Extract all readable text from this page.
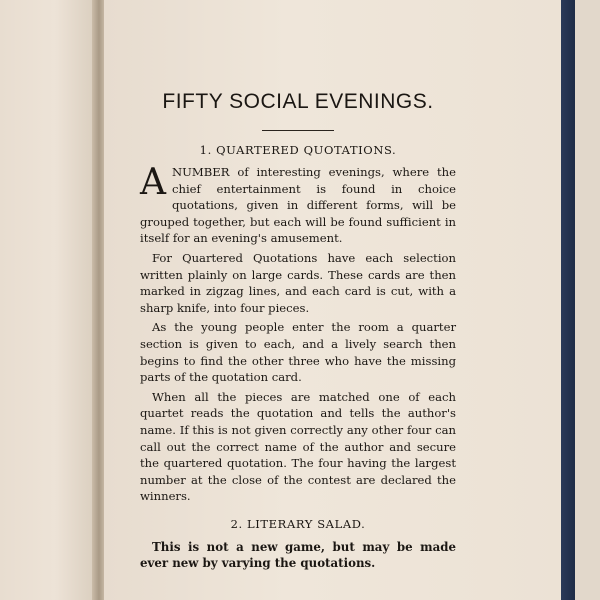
FIFTY SOCIAL EVENINGS.
1. QUARTERED QUOTATIONS.

ANUMBER of interesting evenings, where the chief entertainment is found in choice quotations, given in different forms, will be grouped together, but each will be found sufficient in itself for an evening's amusement.

For Quartered Quotations have each selection written plainly on large cards. These cards are then marked in zigzag lines, and each card is cut, with a sharp knife, into four pieces.

As the young people enter the room a quarter section is given to each, and a lively search then begins to find the other three who have the missing parts of the quotation card.

When all the pieces are matched one of each quartet reads the quotation and tells the author's name. If this is not given correctly any other four can call out the correct name of the author and secure the quartered quotation. The four having the largest number at the close of the contest are declared the winners.

2. LITERARY SALAD.

This is not a new game, but may be made ever new by varying the quotations.
